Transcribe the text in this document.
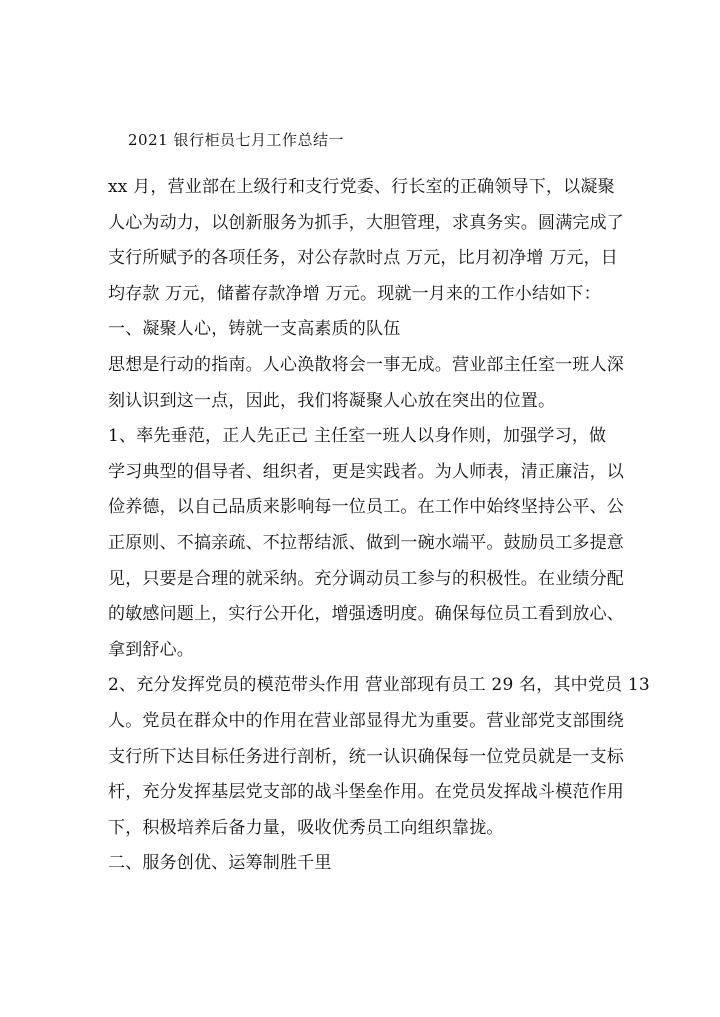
2021 银行柜员七月工作总结一
xx 月，营业部在上级行和支行党委、行长室的正确领导下，以凝聚
人心为动力，以创新服务为抓手，大胆管理，求真务实。圆满完成了
支行所赋予的各项任务，对公存款时点 万元，比月初净增 万元，日
均存款 万元，储蓄存款净增 万元。现就一月来的工作小结如下：
一、凝聚人心，铸就一支高素质的队伍
思想是行动的指南。人心涣散将会一事无成。营业部主任室一班人深
刻认识到这一点，因此，我们将凝聚人心放在突出的位置。
1、率先垂范，正人先正己 主任室一班人以身作则，加强学习，做
学习典型的倡导者、组织者，更是实践者。为人师表，清正廉洁，以
俭养德，以自己品质来影响每一位员工。在工作中始终坚持公平、公
正原则、不搞亲疏、不拉帮结派、做到一碗水端平。鼓励员工多提意
见，只要是合理的就采纳。充分调动员工参与的积极性。在业绩分配
的敏感问题上，实行公开化，增强透明度。确保每位员工看到放心、
拿到舒心。
2、充分发挥党员的模范带头作用 营业部现有员工 29 名，其中党员 13
人。党员在群众中的作用在营业部显得尤为重要。营业部党支部围绕
支行所下达目标任务进行剖析，统一认识确保每一位党员就是一支标
杆，充分发挥基层党支部的战斗堡垒作用。在党员发挥战斗模范作用
下，积极培养后备力量，吸收优秀员工向组织靠拢。
二、服务创优、运筹制胜千里
